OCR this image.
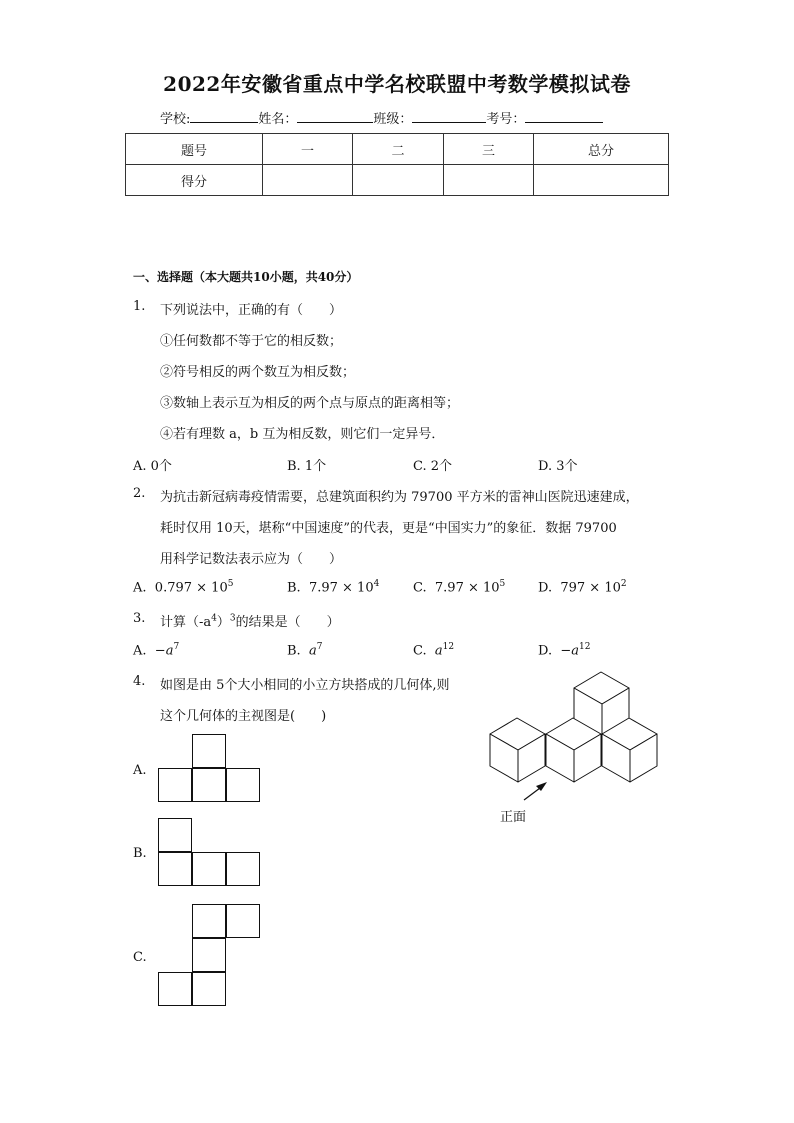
2022年安徽省重点中学名校联盟中考数学模拟试卷
学校:	姓名：	班级：	考号：
题号	一	二	三	总分
得分				
一、选择题（本大题共10小题，共40分）
1. 下列说法中，正确的有（　　）
①任何数都不等于它的相反数；
②符号相反的两个数互为相反数；
③数轴上表示互为相反的两个点与原点的距离相等；
④若有理数 a，b 互为相反数，则它们一定异号．
A. 0个	B. 1个	C. 2个	D. 3个
2. 为抗击新冠病毒疫情需要，总建筑面积约为 79700 平方米的雷神山医院迅速建成，
耗时仅用 10天，堪称“中国速度”的代表，更是“中国实力”的象征．数据 79700
用科学记数法表示应为（　　）
A. $0.797 \times 10^5$	B. $7.97 \times 10^4$	C. $7.97 \times 10^5$	D. $797 \times 10^2$
3. 计算$(-a^4)^3$的结果是（　　）
A. $-a^7$	B. $a^7$	C. $a^{12}$	D. $-a^{12}$
4. 如图是由 5个大小相同的小立方块搭成的几何体,则
这个几何体的主视图是(　　)
正面
A.
B.
C.
